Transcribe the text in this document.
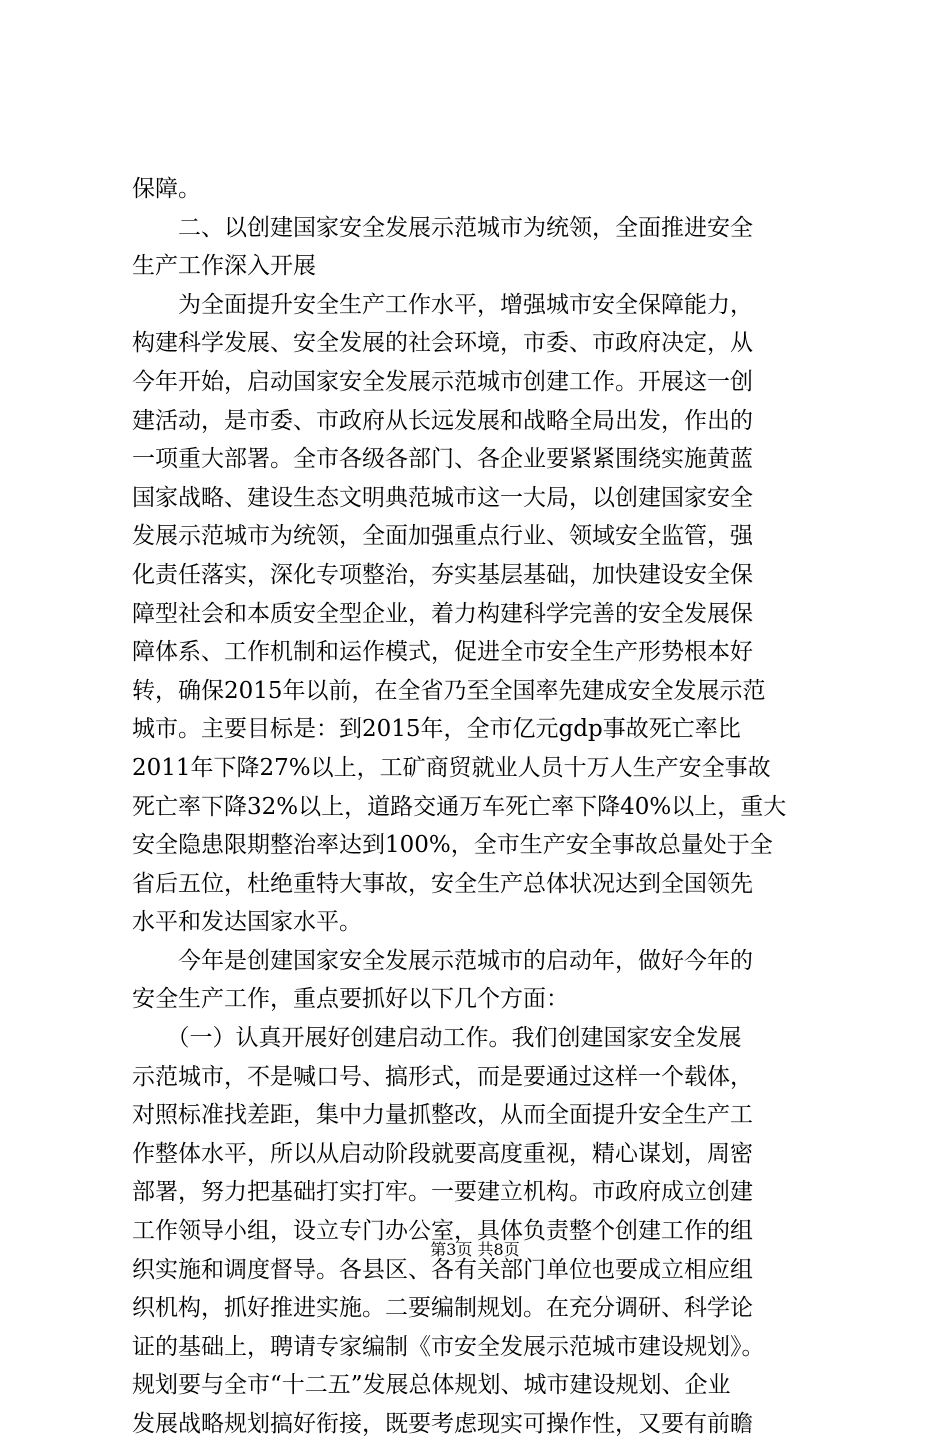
保障。
　　二、以创建国家安全发展示范城市为统领，全面推进安全
生产工作深入开展
　　为全面提升安全生产工作水平，增强城市安全保障能力，
构建科学发展、安全发展的社会环境，市委、市政府决定，从
今年开始，启动国家安全发展示范城市创建工作。开展这一创
建活动，是市委、市政府从长远发展和战略全局出发，作出的
一项重大部署。全市各级各部门、各企业要紧紧围绕实施黄蓝
国家战略、建设生态文明典范城市这一大局，以创建国家安全
发展示范城市为统领，全面加强重点行业、领域安全监管，强
化责任落实，深化专项整治，夯实基层基础，加快建设安全保
障型社会和本质安全型企业，着力构建科学完善的安全发展保
障体系、工作机制和运作模式，促进全市安全生产形势根本好
转，确保2015年以前，在全省乃至全国率先建成安全发展示范
城市。主要目标是：到2015年，全市亿元gdp事故死亡率比
2011年下降27%以上，工矿商贸就业人员十万人生产安全事故
死亡率下降32%以上，道路交通万车死亡率下降40%以上，重大
安全隐患限期整治率达到100%，全市生产安全事故总量处于全
省后五位，杜绝重特大事故，安全生产总体状况达到全国领先
水平和发达国家水平。
　　今年是创建国家安全发展示范城市的启动年，做好今年的
安全生产工作，重点要抓好以下几个方面：
　　（一）认真开展好创建启动工作。我们创建国家安全发展
示范城市，不是喊口号、搞形式，而是要通过这样一个载体，
对照标准找差距，集中力量抓整改，从而全面提升安全生产工
作整体水平，所以从启动阶段就要高度重视，精心谋划，周密
部署，努力把基础打实打牢。一要建立机构。市政府成立创建
工作领导小组，设立专门办公室，具体负责整个创建工作的组
织实施和调度督导。各县区、各有关部门单位也要成立相应组
织机构，抓好推进实施。二要编制规划。在充分调研、科学论
证的基础上，聘请专家编制《市安全发展示范城市建设规划》。
规划要与全市“十二五”发展总体规划、城市建设规划、企业
发展战略规划搞好衔接，既要考虑现实可操作性，又要有前瞻
第3页 共8页
